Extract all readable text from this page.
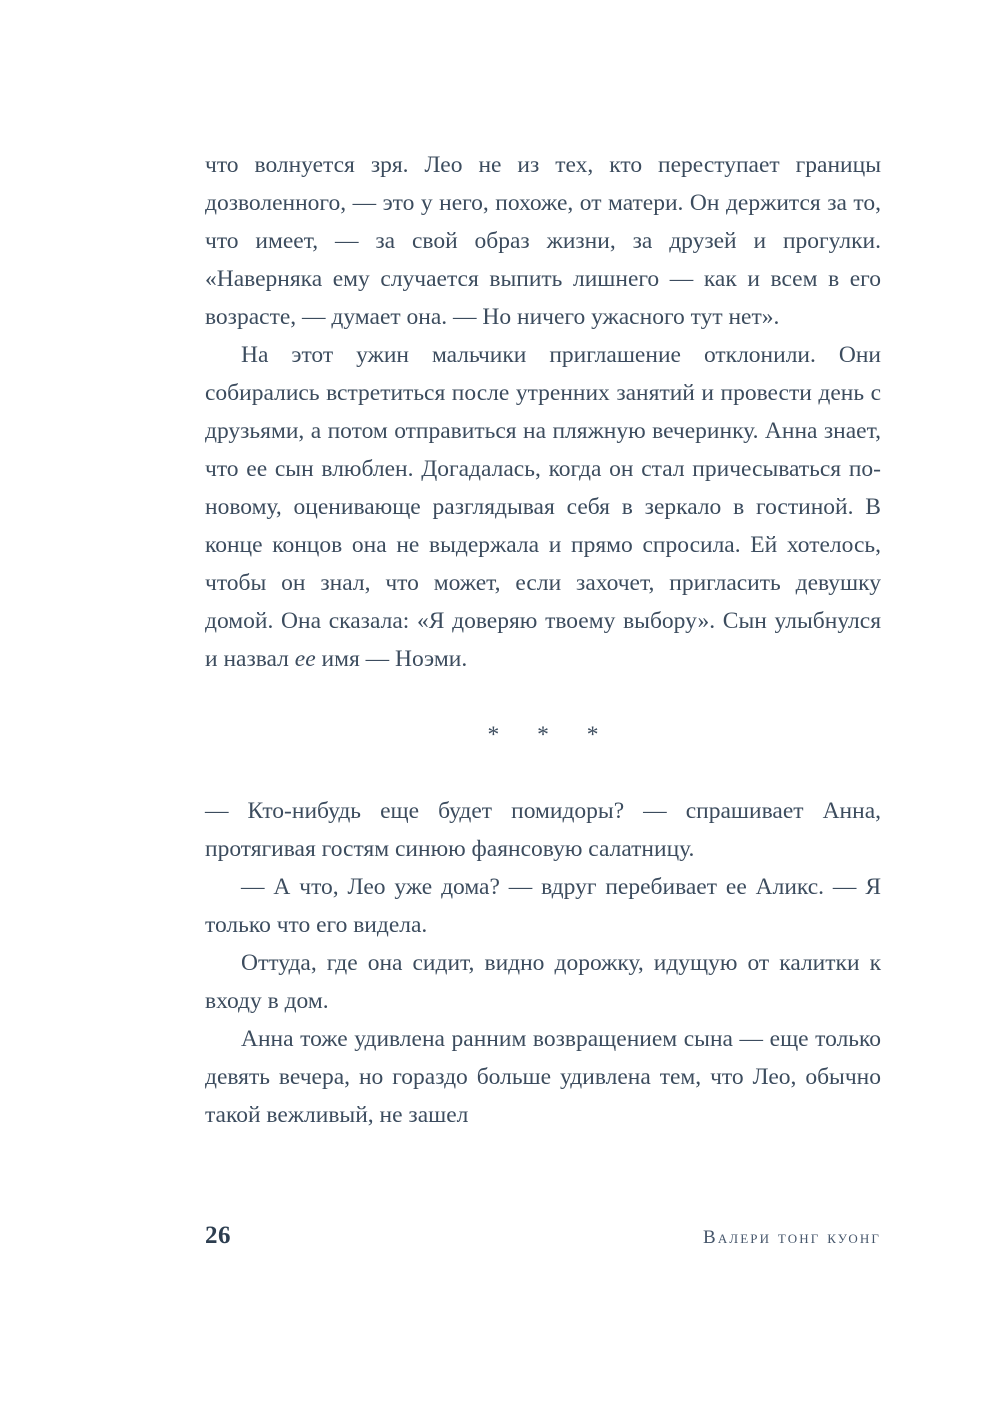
что волнуется зря. Лео не из тех, кто переступает границы дозволенного, — это у него, похоже, от матери. Он держится за то, что имеет, — за свой образ жизни, за друзей и прогулки. «Наверняка ему случается выпить лишнего — как и всем в его возрасте, — думает она. — Но ничего ужасного тут нет».

На этот ужин мальчики приглашение отклонили. Они собирались встретиться после утренних занятий и провести день с друзьями, а потом отправиться на пляжную вечеринку. Анна знает, что ее сын влюблен. Догадалась, когда он стал причесываться по-новому, оценивающе разглядывая себя в зеркало в гостиной. В конце концов она не выдержала и прямо спросила. Ей хотелось, чтобы он знал, что может, если захочет, пригласить девушку домой. Она сказала: «Я доверяю твоему выбору». Сын улыбнулся и назвал ее имя — Ноэми.

* * *

— Кто-нибудь еще будет помидоры? — спрашивает Анна, протягивая гостям синюю фаянсовую салатницу.

— А что, Лео уже дома? — вдруг перебивает ее Аликс. — Я только что его видела.

Оттуда, где она сидит, видно дорожку, идущую от калитки к входу в дом.

Анна тоже удивлена ранним возвращением сына — еще только девять вечера, но гораздо больше удивлена тем, что Лео, обычно такой вежливый, не зашел

26	валери тонг куонг
